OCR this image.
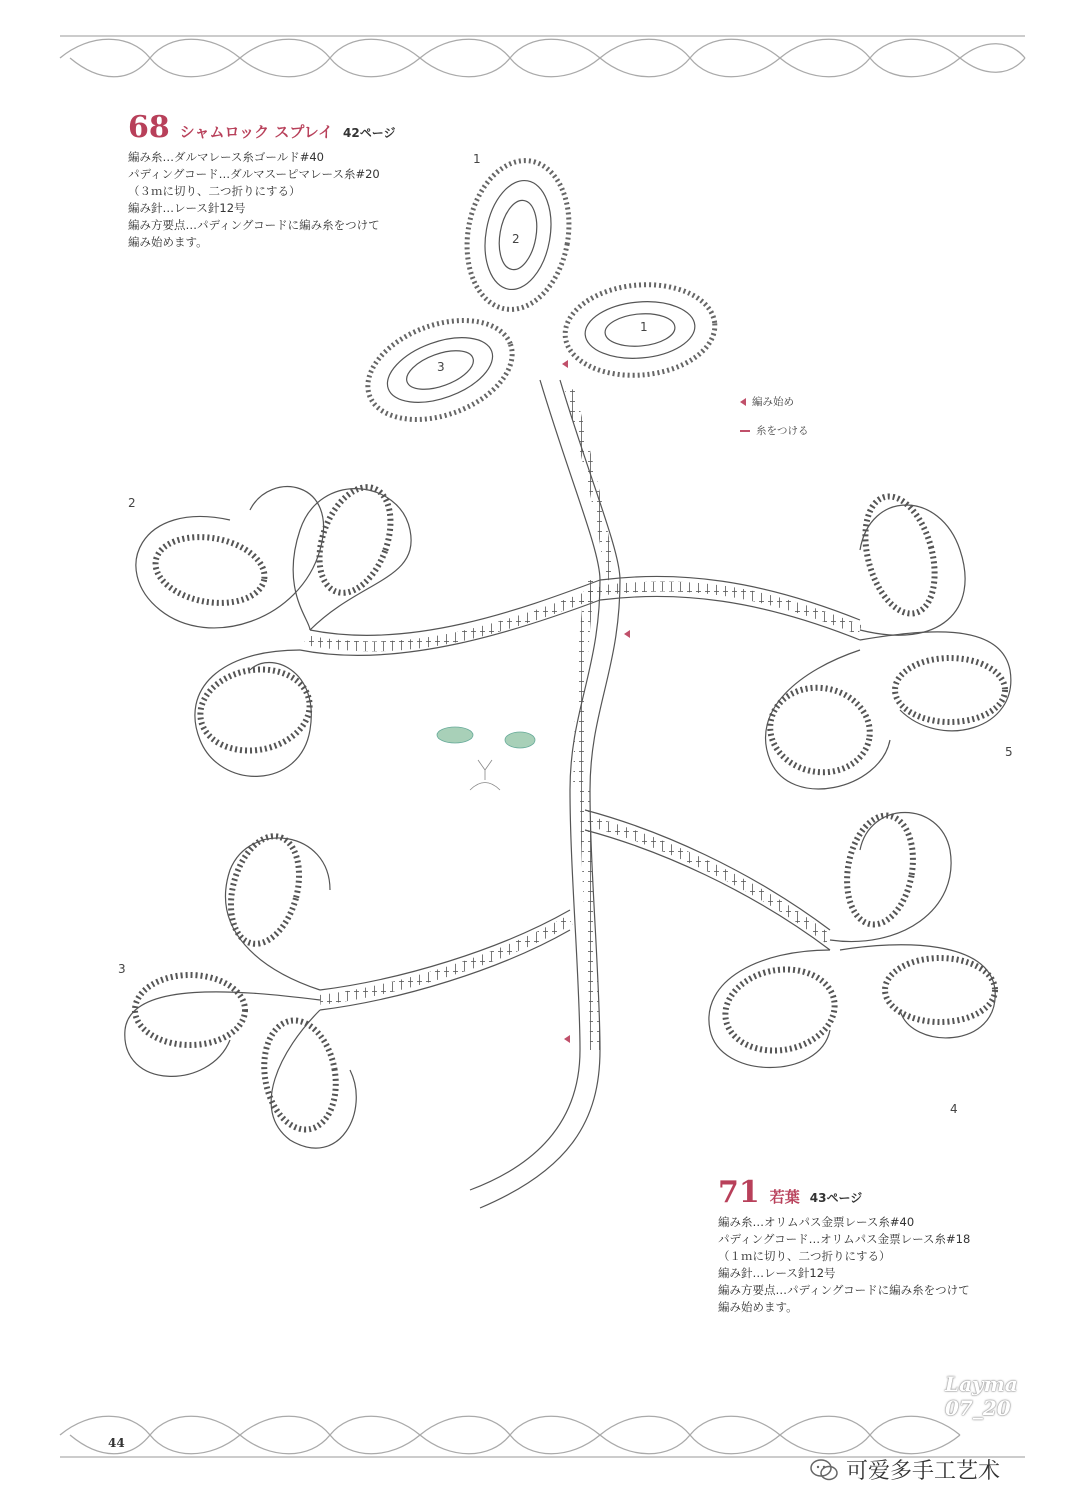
68 シャムロック スプレイ 42ページ
編み糸…ダルマレース糸ゴールド#40
パディングコード…ダルマスーピマレース糸#20
（３ｍに切り、二つ折りにする）
編み針…レース針12号
編み方要点…パディングコードに編み糸をつけて
編み始めます。
編み始め
糸をつける
1
2
1
3
2
5
3
4
71 若葉 43ページ
編み糸…オリムパス金票レース糸#40
パディングコード…オリムパス金票レース糸#18
（１ｍに切り、二つ折りにする）
編み針…レース針12号
編み方要点…パディングコードに編み糸をつけて
編み始めます。
44
Layma
07_20
可爱多手工艺术
